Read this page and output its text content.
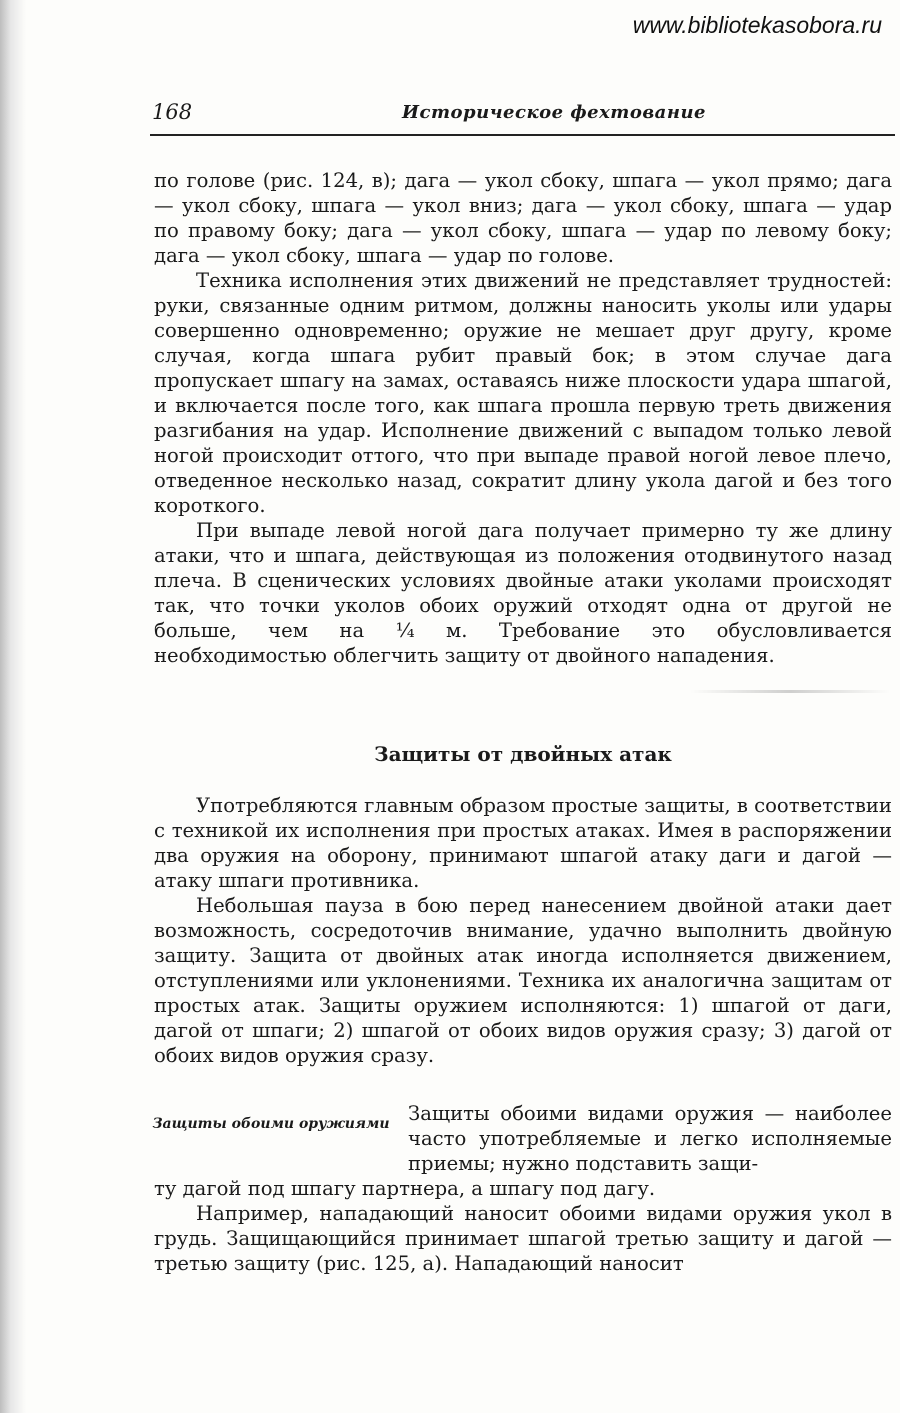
www.bibliotekasobora.ru

168	Историческое фехтование

по голове (рис. 124, в); дага — укол сбоку, шпага — укол прямо; дага — укол сбоку, шпага — укол вниз; дага — укол сбоку, шпага — удар по правому боку; дага — укол сбоку, шпага — удар по левому боку; дага — укол сбоку, шпага — удар по голове.

Техника исполнения этих движений не представляет трудностей: руки, связанные одним ритмом, должны наносить уколы или удары совершенно одновременно; оружие не мешает друг другу, кроме случая, когда шпага рубит правый бок; в этом случае дага пропускает шпагу на замах, оставаясь ниже плоскости удара шпагой, и включается после того, как шпага прошла первую треть движения разгибания на удар. Исполнение движений с выпадом только левой ногой происходит оттого, что при выпаде правой ногой левое плечо, отведенное несколько назад, сократит длину укола дагой и без того короткого.

При выпаде левой ногой дага получает примерно ту же длину атаки, что и шпага, действующая из положения отодвинутого назад плеча. В сценических условиях двойные атаки уколами происходят так, что точки уколов обоих оружий отходят одна от другой не больше, чем на ¼ м. Требование это обусловливается необходимостью облегчить защиту от двойного нападения.

Защиты от двойных атак

Употребляются главным образом простые защиты, в соответствии с техникой их исполнения при простых атаках. Имея в распоряжении два оружия на оборону, принимают шпагой атаку даги и дагой — атаку шпаги противника.

Небольшая пауза в бою перед нанесением двойной атаки дает возможность, сосредоточив внимание, удачно выполнить двойную защиту. Защита от двойных атак иногда исполняется движением, отступлениями или уклонениями. Техника их аналогична защитам от простых атак. Защиты оружием исполняются: 1) шпагой от даги, дагой от шпаги; 2) шпагой от обоих видов оружия сразу; 3) дагой от обоих видов оружия сразу.

Защиты обоими оружиями Защиты обоими видами оружия — наиболее часто употребляемые и легко исполняемые приемы; нужно подставить защи-

ту дагой под шпагу партнера, а шпагу под дагу.

Например, нападающий наносит обоими видами оружия укол в грудь. Защищающийся принимает шпагой третью защиту и дагой — третью защиту (рис. 125, а). Нападающий наносит
